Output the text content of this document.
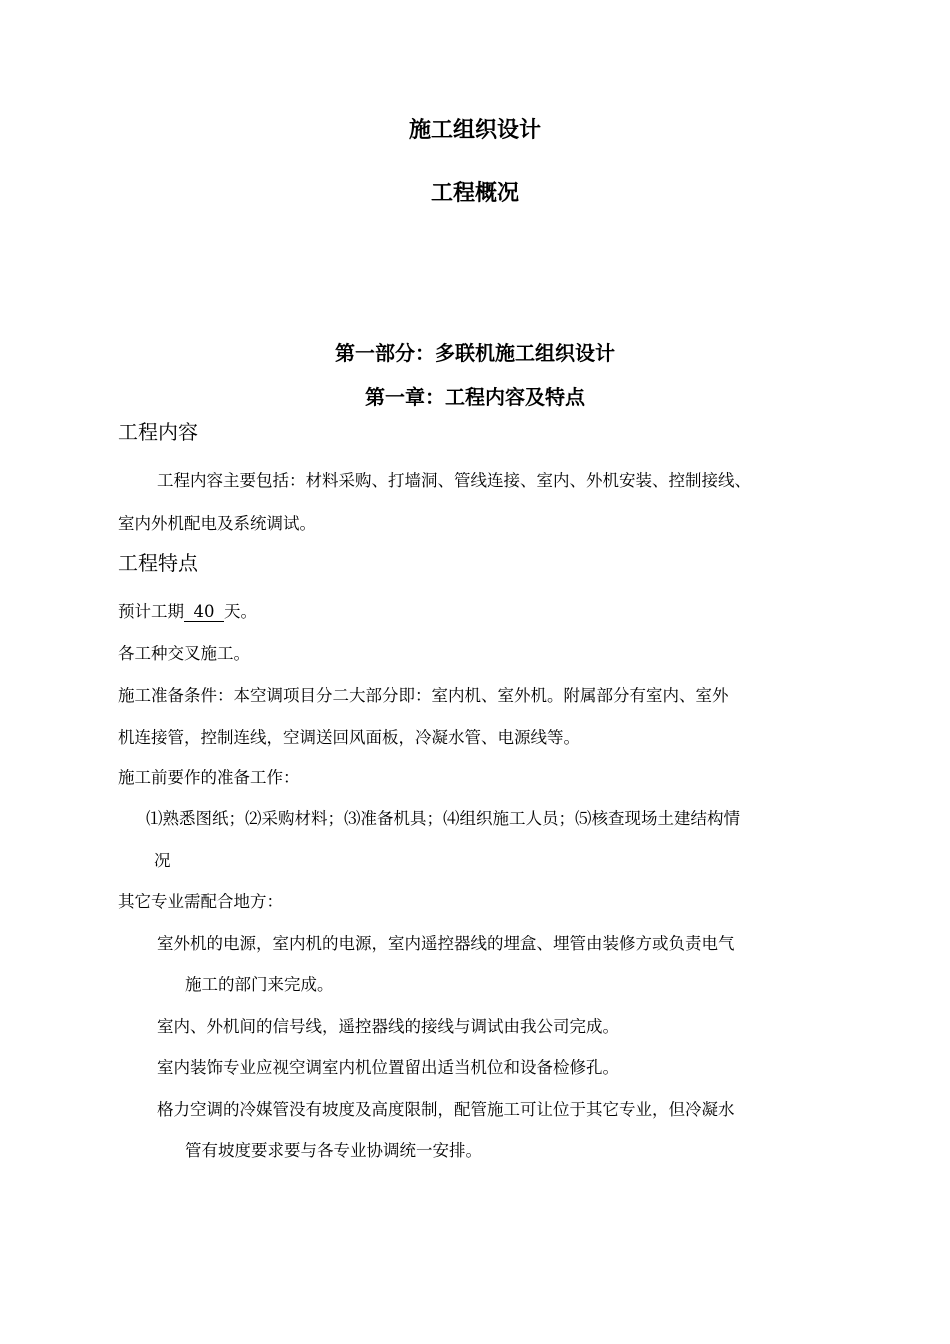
施工组织设计
工程概况
第一部分：多联机施工组织设计
第一章：工程内容及特点
工程内容
工程内容主要包括：材料采购、打墙洞、管线连接、室内、外机安装、控制接线、
室内外机配电及系统调试。
工程特点
预计工期 40 天。
各工种交叉施工。
施工准备条件：本空调项目分二大部分即：室内机、室外机。附属部分有室内、室外
机连接管，控制连线，空调送回风面板，冷凝水管、电源线等。
施工前要作的准备工作：
⑴熟悉图纸；⑵采购材料；⑶准备机具；⑷组织施工人员；⑸核查现场土建结构情
况
其它专业需配合地方：
室外机的电源，室内机的电源，室内遥控器线的埋盒、埋管由装修方或负责电气
施工的部门来完成。
室内、外机间的信号线，遥控器线的接线与调试由我公司完成。
室内装饰专业应视空调室内机位置留出适当机位和设备检修孔。
格力空调的冷媒管没有坡度及高度限制，配管施工可让位于其它专业，但冷凝水
管有坡度要求要与各专业协调统一安排。
